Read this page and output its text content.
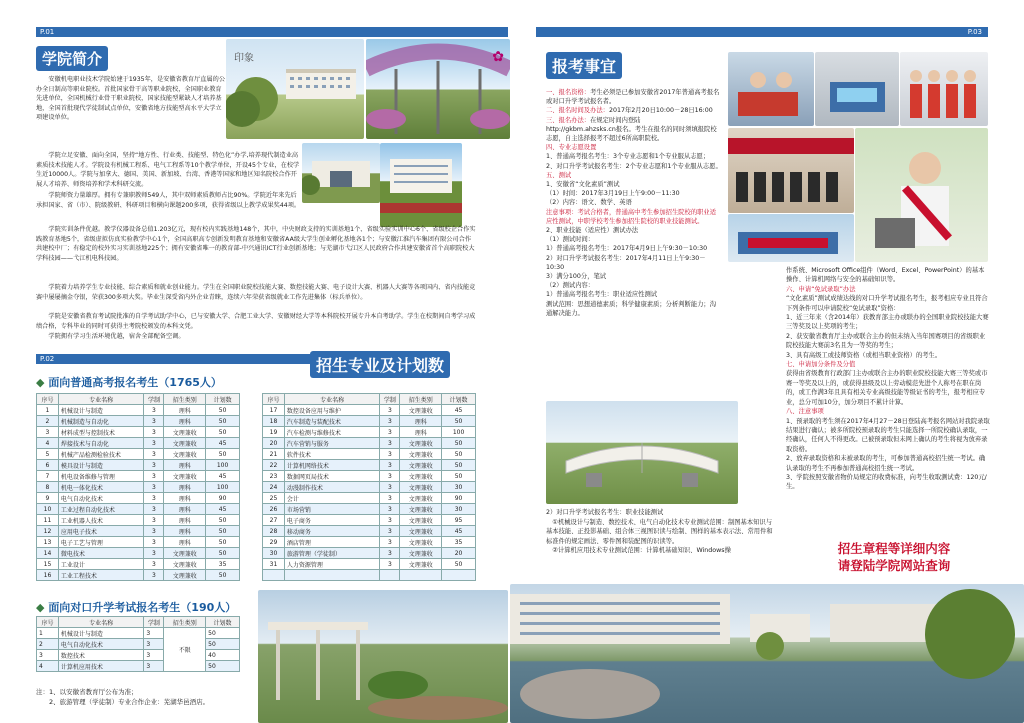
P.01
学院简介	印象	✿

安徽机电职业技术学院始建于1935年，是安徽省教育厅直属的公办全日制高等职业院校。首批国家骨干高等职业院校，全国职业教育先进单位，全国机械行业骨干职业院校，国家技能型紧缺人才培养基地，全国首批现代学徒制试点单位，安徽省地方技能型高水平大学立项建设单位。

学院立足安徽、面向全国，坚持“地方性、行业类、技能型、特色化”办学,培养现代制造业高素质技术技能人才。学院设有机械工程系、电气工程系等10个教学单位，开设45个专业，在校学生近10000人。学院与加拿大、德国、美国、新加坡、台湾、香港等国家和地区知名院校合作开展人才培养、师资培养和学术科研交流。

学院师资力量雄厚。拥有专兼职教师549人，其中双师素质教师占比90%。学院近年来先后承担国家、省（市）、院级教研、科研项目和横向课题200多项，获得省级以上教学成果奖44项。

学院实训条件优越。教学仪器设备总值1.203亿元，现有校内实践基地148个，其中，中央财政支持的实训基地1个、省级实验实训中心6个、省级校企合作实践教育基地5个，省级虚拟仿真实验教学中心1个，全国高职高专创新发明教育基地和安徽省AA级大学生创业孵化基地各1个；与安徽江淮汽车集团有限公司合作共建校中厂；有稳定的校外实习实训基地225个；拥有安徽省唯一的教育部-中兴通讯ICT行业创新基地；与芜湖市弋江区人民政府合作共建安徽省首个高职院校大学科技园——弋江机电科技园。

学院着力培养学生专业技能、综合素质和就业创业能力。学生在全国职业院校技能大赛、数控技能大赛、电子设计大赛、机器人大赛等各项国内、省内技能竞赛中屡屡摘金夺银，荣获300多项大奖。毕业生深受省内外企业青睐，连续六年荣获省级就业工作先进集体（标兵单位）。

学院是安徽省教育考试院批准的自学考试助学中心，已与安徽大学、合肥工业大学、安徽财经大学等本科院校开展专升本自考助学。学生在校期间自考学习成绩合格，专科毕业的同时可获得主考院校颁发的本科文凭。

学院拥有学习生活环境优越，宿舍全部配备空调。

P.02	招生专业及计划数
◆ 面向普通高考报名考生（1765人）
序号	专业名称	学制	招生类别	计划数
1	机械设计与制造	3	理科	50
2	机械制造与自动化	3	理科	50
3	材料成型与控制技术	3	文理兼收	50
4	焊接技术与自动化	3	文理兼收	45
5	机械产品检测检验技术	3	文理兼收	50
6	模具设计与制造	3	理科	100
7	机电设备维修与管理	3	文理兼收	45
8	机电一体化技术	3	理科	100
9	电气自动化技术	3	理科	90
10	工业过程自动化技术	3	理科	45
11	工业机器人技术	3	理科	50
12	应用电子技术	3	理科	50
13	电子工艺与管理	3	理科	50
14	微电技术	3	文理兼收	50
15	工业设计	3	文理兼收	35
16	工业工程技术	3	文理兼收	50
序号	专业名称	学制	招生类别	计划数
17	数控设备应用与维护	3	文理兼收	45
18	汽车制造与装配技术	3	理科	50
19	汽车检测与维修技术	3	理科	100
20	汽车营销与服务	3	文理兼收	50
21	软件技术	3	文理兼收	50
22	计算机网络技术	3	文理兼收	50
23	数据网页局技术	3	文理兼收	50
24	动漫制作技术	3	文理兼收	30
25	会计	3	文理兼收	90
26	市场营销	3	文理兼收	30
27	电子商务	3	文理兼收	95
28	移动商务	3	文理兼收	45
29	酒店管理	3	文理兼收	35
30	旅游管理（学徒制）	3	文理兼收	20
31	人力资源管理	3	文理兼收	50

◆ 面向对口升学考试报名考生（190人）
序号	专业名称	学制	招生类别	计划数
1	机械设计与制造	3	不限	50
2	电气自动化技术	3		50
3	数控技术	3		40
4	计算机应用技术	3		50
注：1、以安徽省教育厅公布为准；
2、旅游管理（学徒制）专业合作企业：芜湖华邑酒店。
P.03
报考事宜
一、报名资格：考生必须是已参加安徽省2017年普通高考报名或对口升学考试报名者。
二、报名时间及办法：2017年2月20日10:00－28日16:00
三、报名办法：在规定时间内登陆
http://gkbm.ahzsks.cn报名。考生在报名的同时须填报院校志愿，自主选择报考不超过6所高职院校。
四、专业志愿设置
1、普通高考报名考生：3个专业志愿和1个专业服从志愿；
2、对口升学考试报名考生：2个专业志愿和1个专业服从志愿。
五、测试
1、安徽省“文化素质”测试
（1）时间：2017年3月19日上午9:00－11:30
（2）内容：语文、数学、英语
注意事项：考试合格者，普通高中考生参加招生院校的职业适应性测试，中职学校考生参加招生院校的职业技能测试。
2、职业技能（适应性）测试办法
（1）测试时间：
1）普通高考报名考生：2017年4月9日上午9:30－10:30
2）对口升学考试报名考生：2017年4月11日上午9:30－10:30
3）满分100分，笔试
（2）测试内容：
1）普通高考报名考生：职业适应性测试
测试范围：思想道德素质；科学健康素质；分析判断能力；沟通解决能力。
2）对口升学考试报名考生：职业技能测试
①机械设计与制造、数控技术、电气自动化技术专业测试范围：制图基本知识与基本技能、正投影基础、组合体三视图识读与绘制、图样的基本表示法、常用件和标准件的规定画法、零件图和装配图的识读等。
②计算机应用技术专业测试范围：计算机基础知识、Windows操
作系统、Microsoft Office组件（Word、Excel、PowerPoint）的基本操作、计算机网络与安全的基础知识等。
六、申请“免试录取”办法
“文化素质”测试成绩达线的对口升学考试报名考生，报考相应专业且符合下列条件可以申请院校“免试录取”资格：
1、近三年来（含2014年）获教育部主办或联办的全国职业院校技能大赛三等奖及以上奖项的考生；
2、获安徽省教育厅主办或联合主办的但未纳入当年国赛项目的省级职业院校技能大赛前3名且为一等奖的考生；
3、具有高级工或技师资格（或相当职业资格）的考生。
七、申请加分条件及分值
获得由省级教育行政部门主办或联合主办的职业院校技能大赛三等奖或市赛一等奖及以上的，或获得县级及以上劳动模范先进个人称号在职在岗的，或工作满3年且具有相关专业高级技能等级证书的考生，报考相应专业，总分可加10分，加分项目不累计计算。
八、注意事项
1、预录取的考生须在2017年4月27－28日登陆高考报名网站对我院录取结果进行确认；被多所院校预录取的考生只能选择一所院校确认录取，一经确认，任何人不得更改。已被预录取但未网上确认的考生将视为放弃录取资格。
2、放弃录取资格和未被录取的考生，可参加普通高校招生统一考试。确认录取的考生不再参加普通高校招生统一考试。
3、学院按照安徽省物价局规定的收费标准，向考生收取测试费：120元/生。
招生章程等详细内容
请登陆学院网站查询
